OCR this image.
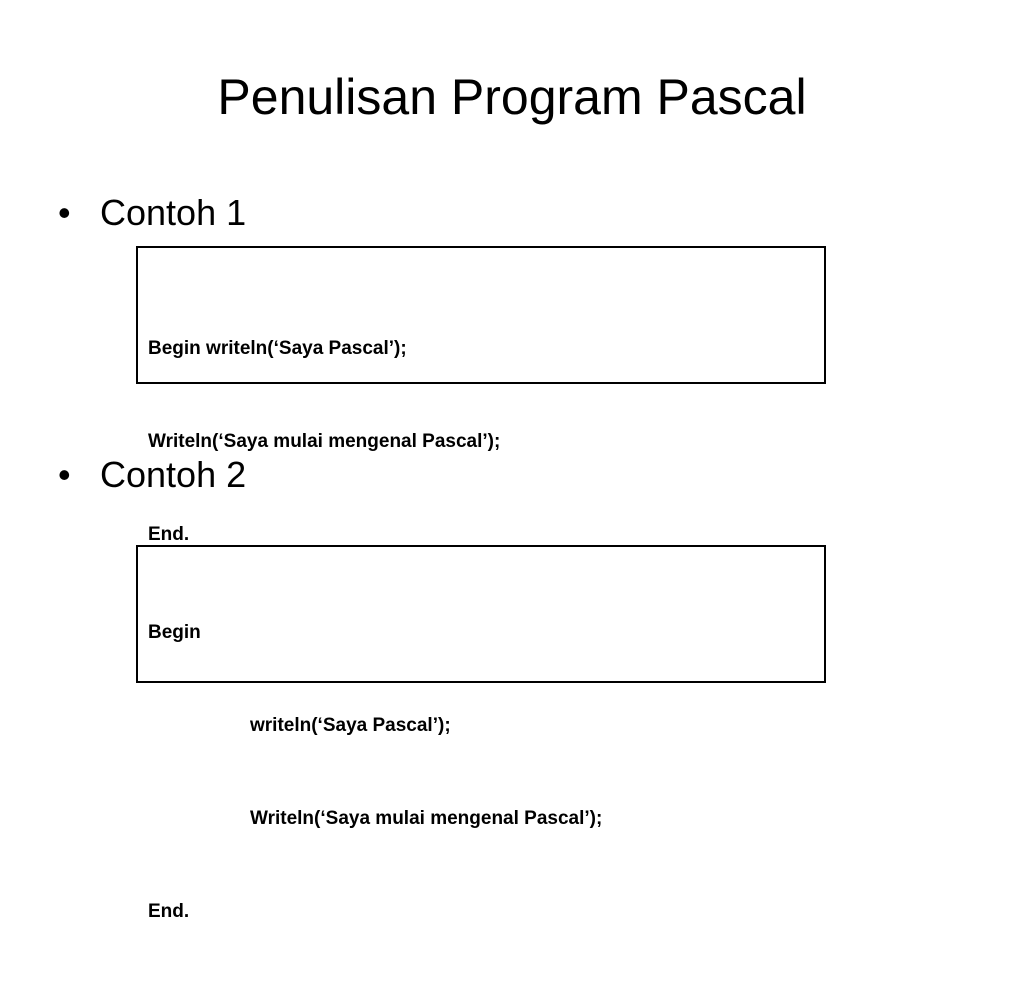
Penulisan Program Pascal
• Contoh 1

Begin writeln(‘Saya Pascal’);

Writeln(‘Saya mulai mengenal Pascal’);

End.

• Contoh 2

Begin

writeln(‘Saya Pascal’);

Writeln(‘Saya mulai mengenal Pascal’);

End.
